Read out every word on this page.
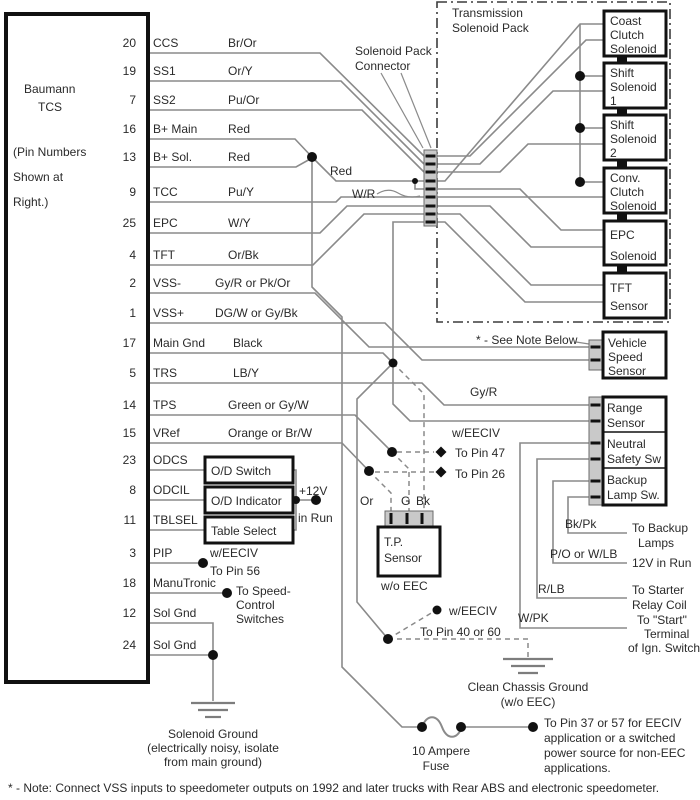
Baumann
TCS
(Pin Numbers
Shown at
Right.)
20 CCS	Br/Or
19 SS1	Or/Y
7 SS2	Pu/Or
16 B+ Main	Red
13 B+ Sol.	Red
9 TCC	Pu/Y
25 EPC	W/Y
4 TFT	Or/Bk
2 VSS-	Gy/R or Pk/Or
1 VSS+	DG/W or Gy/Bk
17 Main Gnd Black
5 TRS	LB/Y
14 TPS	Green or Gy/W
15 VRef	Orange or Br/W
23 ODCS
8 ODCIL
11 TBLSEL
3 PIP
18 ManuTronic
12 Sol Gnd
24 Sol Gnd
O/D Switch
O/D Indicator
Table Select
Transmission
Solenoid Pack
Solenoid Pack
Connector
Coast
Clutch
Solenoid
Shift
Solenoid
1
Shift
Solenoid
2
Conv.
Clutch
Solenoid
EPC
Solenoid
TFT
Sensor
Vehicle
Speed
Sensor
Range
Sensor
Neutral
Safety Sw
Backup
Lamp Sw.
Red
W/R
Gy/R
* - See Note Below
Bk/Pk
P/O or W/LB
R/LB
W/PK
+12V
in Run
w/EECIV
To Pin 56
To Speed-
Control
Switches
w/EECIV
To Pin 47
To Pin 26
w/EECIV
To Pin 40 or 60
To Backup
Lamps
12V in Run
To Starter
Relay Coil
To "Start"
Terminal
of Ign. Switch
To Pin 37 or 57 for EECIV
application or a switched
power source for non-EEC
applications.
Or G Bk
T.P.
Sensor
w/o EEC
Clean Chassis Ground
(w/o EEC)
Solenoid Ground
(electrically noisy, isolate
from main ground)
10 Ampere
Fuse
* - Note: Connect VSS inputs to speedometer outputs on 1992 and later trucks with Rear ABS and electronic speedometer.
